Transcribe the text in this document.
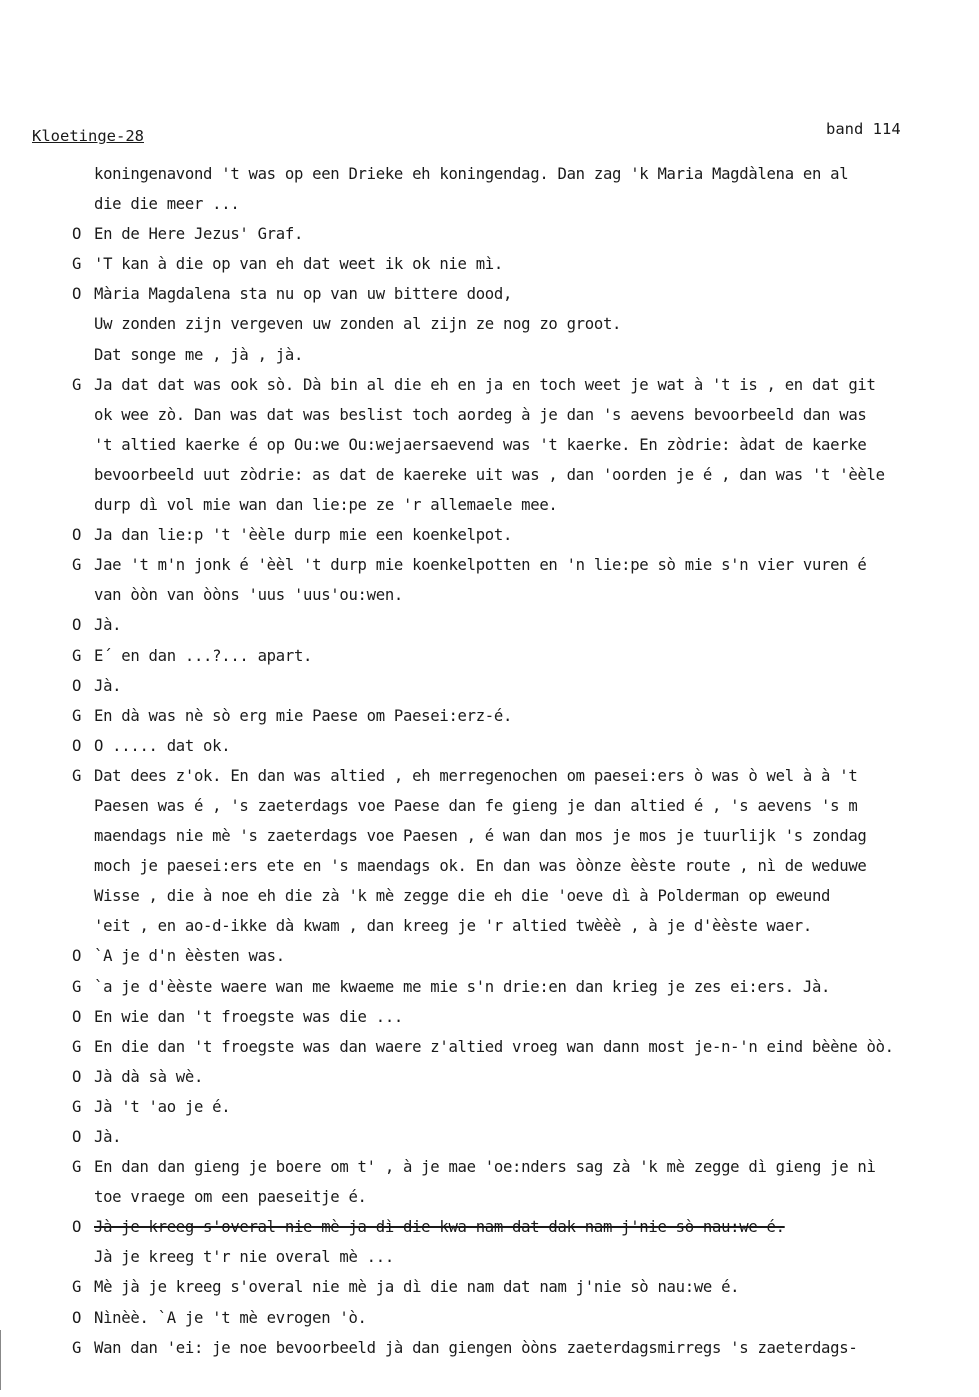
Kloetinge-28	band 114
koningenavond 't was op een Drieke eh koningendag. Dan zag 'k Maria Magdàlena en al
die die meer ...
O En de Here Jezus' Graf.
G 'T kan à die op van eh dat weet ik ok nie mì.
O Mària Magdalena sta nu op van uw bittere dood,
Uw zonden zijn vergeven uw zonden al zijn ze nog zo groot.
Dat songe me , jà , jà.
G Ja dat dat was ook sò. Dà bin al die eh en ja en toch weet je wat à 't is , en dat git
ok wee zò. Dan was dat was beslist toch aordeg à je dan 's aevens bevoorbeeld dan was
't altied kaerke é op Ou:we Ou:wejaersaevend was 't kaerke. En zòdrie: àdat de kaerke
bevoorbeeld uut zòdrie: as dat de kaereke uit was , dan 'oorden je é , dan was 't 'èèle
durp dì vol mie wan dan lie:pe ze 'r allemaele mee.
O Ja dan lie:p 't 'èèle durp mie een koenkelpot.
G Jae 't m'n jonk é 'èèl 't durp mie koenkelpotten en 'n lie:pe sò mie s'n vier vuren é
van òòn van òòns 'uus 'uus'ou:wen.
O Jà.
G E´ en dan ...?... apart.
O Jà.
G En dà was nè sò erg mie Paese om Paesei:erz-é.
O O ..... dat ok.
G Dat dees z'ok. En dan was altied , eh merregenochen om paesei:ers ò was ò wel à à 't
Paesen was é , 's zaeterdags voe Paese dan fe gieng je dan altied é , 's aevens 's m
maendags nie mè 's zaeterdags voe Paesen , é wan dan mos je mos je tuurlijk 's zondag
moch je paesei:ers ete en 's maendags ok. En dan was òònze èèste route , nì de weduwe
Wisse , die à noe eh die zà 'k mè zegge die eh die 'oeve dì à Polderman op eweund
'eit , en ao-d-ikke dà kwam , dan kreeg je 'r altied twèèè , à je d'èèste waer.
O `A je d'n èèsten was.
G `a je d'èèste waere wan me kwaeme me mie s'n drie:en dan krieg je zes ei:ers. Jà.
O En wie dan 't froegste was die ...
G En die dan 't froegste was dan waere z'altied vroeg wan dann most je-n-'n eind bèène òò.
O Jà dà sà wè.
G Jà 't 'ao je é.
O Jà.
G En dan dan gieng je boere om t' , à je mae 'oe:nders sag zà 'k mè zegge dì gieng je nì
toe vraege om een paeseitje é.
O Jà je kreeg s'overal nie mè ja dì die kwa nam dat dak nam j'nie sò nau:we é.
Jà je kreeg t'r nie overal mè ...
G Mè jà je kreeg s'overal nie mè ja dì die nam dat nam j'nie sò nau:we é.
O Nìnèè. `A je 't mè evrogen 'ò.
G Wan dan 'ei: je noe bevoorbeeld jà dan giengen òòns zaeterdagsmirregs 's zaeterdags-
